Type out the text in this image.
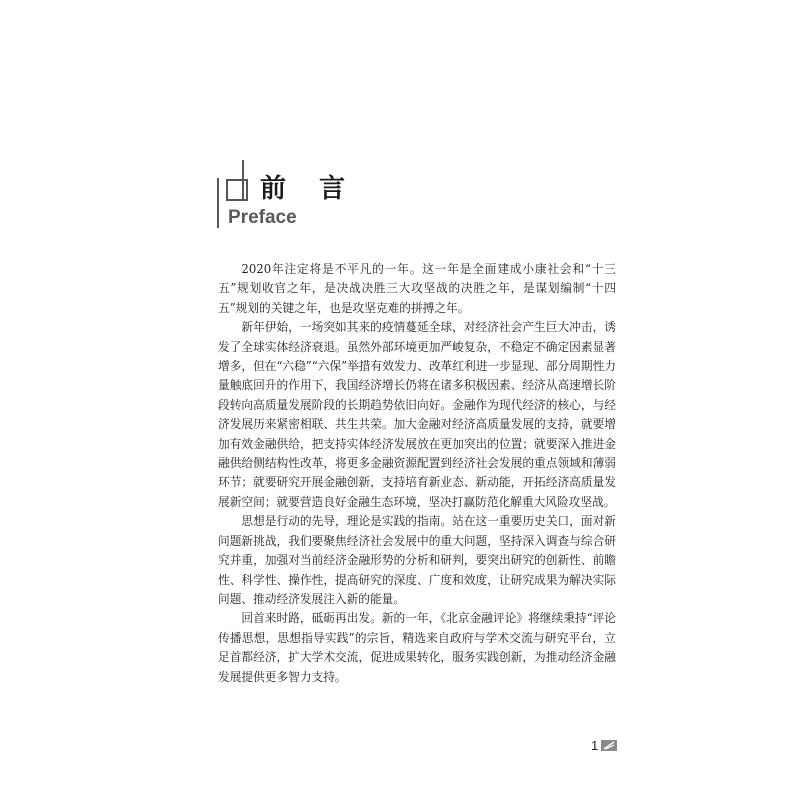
前 言
Preface

2020年注定将是不平凡的一年。这一年是全面建成小康社会和“十三五”规划收官之年，是决战决胜三大攻坚战的决胜之年，是谋划编制“十四五”规划的关键之年，也是攻坚克难的拼搏之年。

新年伊始，一场突如其来的疫情蔓延全球，对经济社会产生巨大冲击，诱发了全球实体经济衰退。虽然外部环境更加严峻复杂，不稳定不确定因素显著增多，但在“六稳”“六保”举措有效发力、改革红利进一步显现、部分周期性力量触底回升的作用下，我国经济增长仍将在诸多积极因素、经济从高速增长阶段转向高质量发展阶段的长期趋势依旧向好。金融作为现代经济的核心，与经济发展历来紧密相联、共生共荣。加大金融对经济高质量发展的支持，就要增加有效金融供给，把支持实体经济发展放在更加突出的位置；就要深入推进金融供给侧结构性改革，将更多金融资源配置到经济社会发展的重点领域和薄弱环节；就要研究开展金融创新，支持培育新业态、新动能，开拓经济高质量发展新空间；就要营造良好金融生态环境，坚决打赢防范化解重大风险攻坚战。

思想是行动的先导，理论是实践的指南。站在这一重要历史关口，面对新问题新挑战，我们要聚焦经济社会发展中的重大问题，坚持深入调查与综合研究并重，加强对当前经济金融形势的分析和研判，要突出研究的创新性、前瞻性、科学性、操作性，提高研究的深度、广度和效度，让研究成果为解决实际问题、推动经济发展注入新的能量。

回首来时路，砥砺再出发。新的一年，《北京金融评论》将继续秉持“评论传播思想，思想指导实践”的宗旨，精选来自政府与学术交流与研究平台，立足首都经济，扩大学术交流，促进成果转化，服务实践创新，为推动经济金融发展提供更多智力支持。

1
